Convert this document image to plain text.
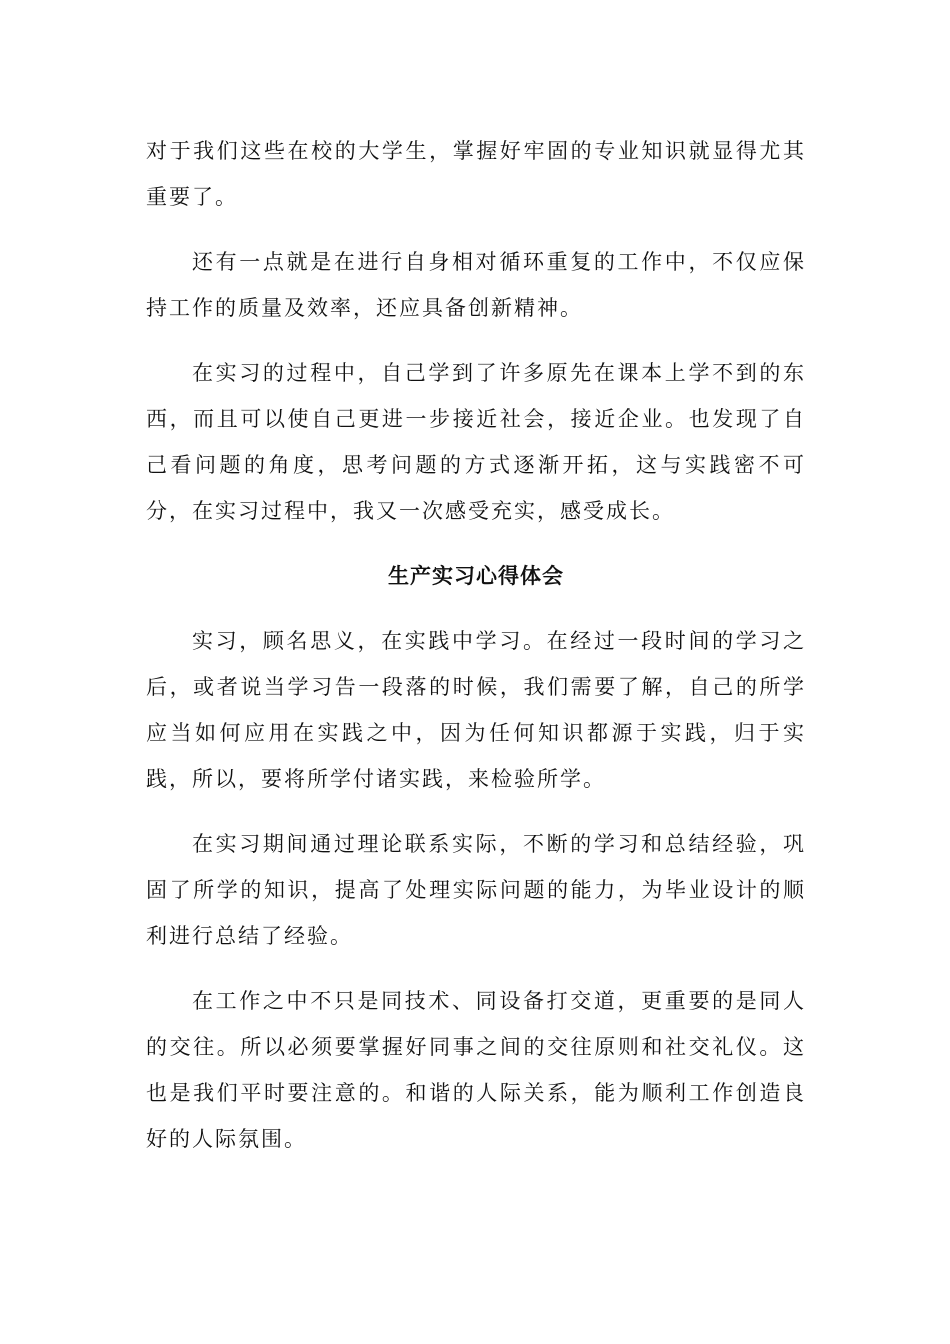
对于我们这些在校的大学生，掌握好牢固的专业知识就显得尤其重要了。

还有一点就是在进行自身相对循环重复的工作中，不仅应保持工作的质量及效率，还应具备创新精神。

在实习的过程中，自己学到了许多原先在课本上学不到的东西，而且可以使自己更进一步接近社会，接近企业。也发现了自己看问题的角度，思考问题的方式逐渐开拓，这与实践密不可分，在实习过程中，我又一次感受充实，感受成长。

生产实习心得体会

实习，顾名思义，在实践中学习。在经过一段时间的学习之后，或者说当学习告一段落的时候，我们需要了解，自己的所学应当如何应用在实践之中，因为任何知识都源于实践，归于实践，所以，要将所学付诸实践，来检验所学。

在实习期间通过理论联系实际，不断的学习和总结经验，巩固了所学的知识，提高了处理实际问题的能力，为毕业设计的顺利进行总结了经验。

在工作之中不只是同技术、同设备打交道，更重要的是同人的交往。所以必须要掌握好同事之间的交往原则和社交礼仪。这也是我们平时要注意的。和谐的人际关系，能为顺利工作创造良好的人际氛围。
